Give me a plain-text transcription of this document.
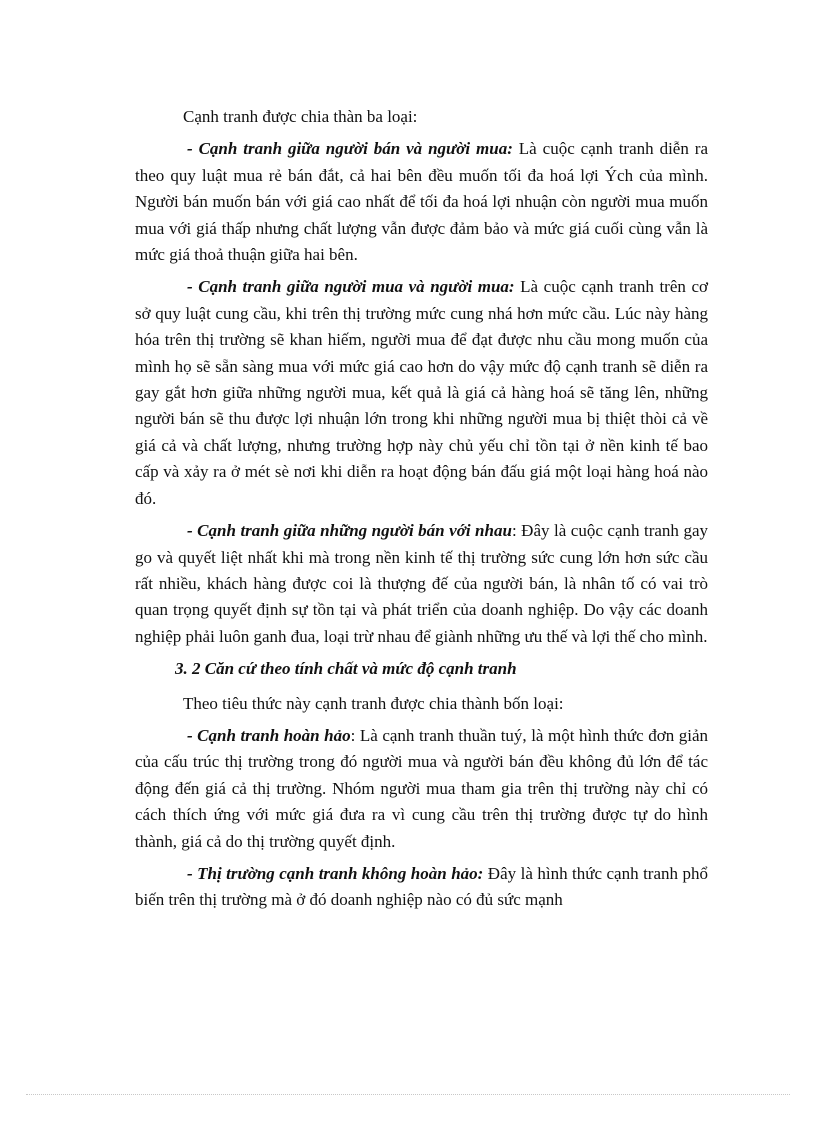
Cạnh tranh được chia thàn ba loại:

- Cạnh tranh giữa người bán và người mua: Là cuộc cạnh tranh diễn ra theo quy luật mua rẻ bán đắt, cả hai bên đều muốn tối đa hoá lợi Ých của mình. Người bán muốn bán với giá cao nhất để tối đa hoá lợi nhuận còn người mua muốn mua với giá thấp nhưng chất lượng vẫn được đảm bảo và mức giá cuối cùng vẫn là mức giá thoả thuận giữa hai bên.

- Cạnh tranh giữa người mua và người mua: Là cuộc cạnh tranh trên cơ sở quy luật cung cầu, khi trên thị trường mức cung nhá hơn mức cầu. Lúc này hàng hóa trên thị trường sẽ khan hiếm, người mua để đạt được nhu cầu mong muốn của mình họ sẽ sẵn sàng mua với mức giá cao hơn do vậy mức độ cạnh tranh sẽ diễn ra gay gắt hơn giữa những người mua, kết quả là giá cả hàng hoá sẽ tăng lên, những người bán sẽ thu được lợi nhuận lớn trong khi những người mua bị thiệt thòi cả về giá cả và chất lượng, nhưng trường hợp này chủ yếu chỉ tồn tại ở nền kinh tế bao cấp và xảy ra ở mét sè nơi khi diễn ra hoạt động bán đấu giá một loại hàng hoá nào đó.

- Cạnh tranh giữa những người bán với nhau: Đây là cuộc cạnh tranh gay go và quyết liệt nhất khi mà trong nền kinh tế thị trường sức cung lớn hơn sức cầu rất nhiều, khách hàng được coi là thượng đế của người bán, là nhân tố có vai trò quan trọng quyết định sự tồn tại và phát triển của doanh nghiệp. Do vậy các doanh nghiệp phải luôn ganh đua, loại trừ nhau để giành những ưu thế và lợi thế cho mình.

3. 2 Căn cứ theo tính chất và mức độ cạnh tranh

Theo tiêu thức này cạnh tranh được chia thành bốn loại:

- Cạnh tranh hoàn hảo: Là cạnh tranh thuần tuý, là một hình thức đơn giản của cấu trúc thị trường trong đó người mua và người bán đều không đủ lớn để tác động đến giá cả thị trường. Nhóm người mua tham gia trên thị trường này chỉ có cách thích ứng với mức giá đưa ra vì cung cầu trên thị trường được tự do hình thành, giá cả do thị trường quyết định.

- Thị trường cạnh tranh không hoàn hảo: Đây là hình thức cạnh tranh phổ biến trên thị trường mà ở đó doanh nghiệp nào có đủ sức mạnh
